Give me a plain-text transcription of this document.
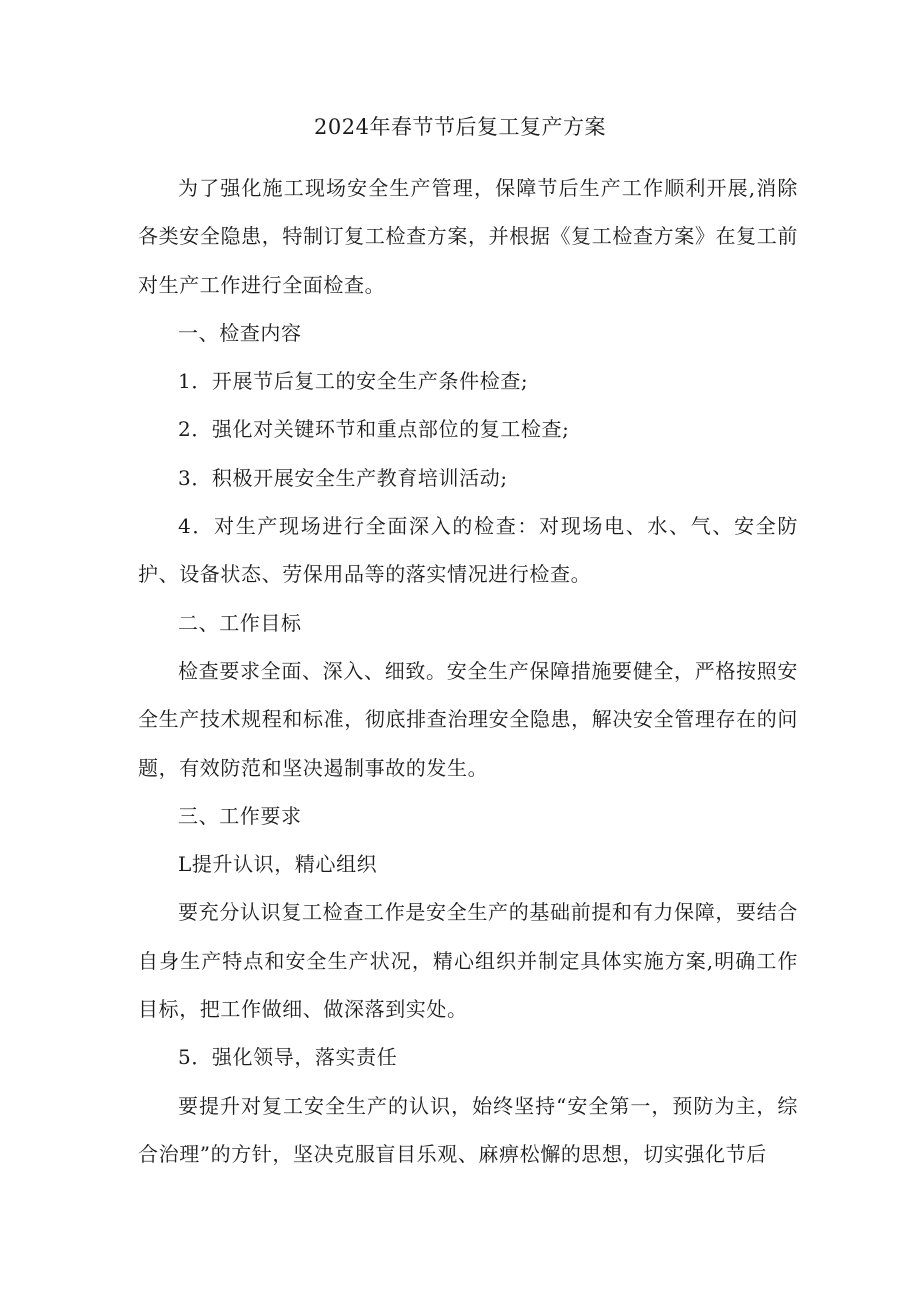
2024年春节节后复工复产方案

为了强化施工现场安全生产管理，保障节后生产工作顺利开展,消除各类安全隐患，特制订复工检查方案，并根据《复工检查方案》在复工前对生产工作进行全面检查。

一、检查内容

1．开展节后复工的安全生产条件检查;

2．强化对关键环节和重点部位的复工检查;

3．积极开展安全生产教育培训活动;

4．对生产现场进行全面深入的检查：对现场电、水、气、安全防护、设备状态、劳保用品等的落实情况进行检查。

二、工作目标

检查要求全面、深入、细致。安全生产保障措施要健全，严格按照安全生产技术规程和标准，彻底排查治理安全隐患，解决安全管理存在的问题，有效防范和坚决遏制事故的发生。

三、工作要求

L提升认识，精心组织

要充分认识复工检查工作是安全生产的基础前提和有力保障，要结合自身生产特点和安全生产状况，精心组织并制定具体实施方案,明确工作目标，把工作做细、做深落到实处。

5．强化领导，落实责任

要提升对复工安全生产的认识，始终坚持“安全第一，预防为主，综合治理”的方针，坚决克服盲目乐观、麻痹松懈的思想，切实强化节后
